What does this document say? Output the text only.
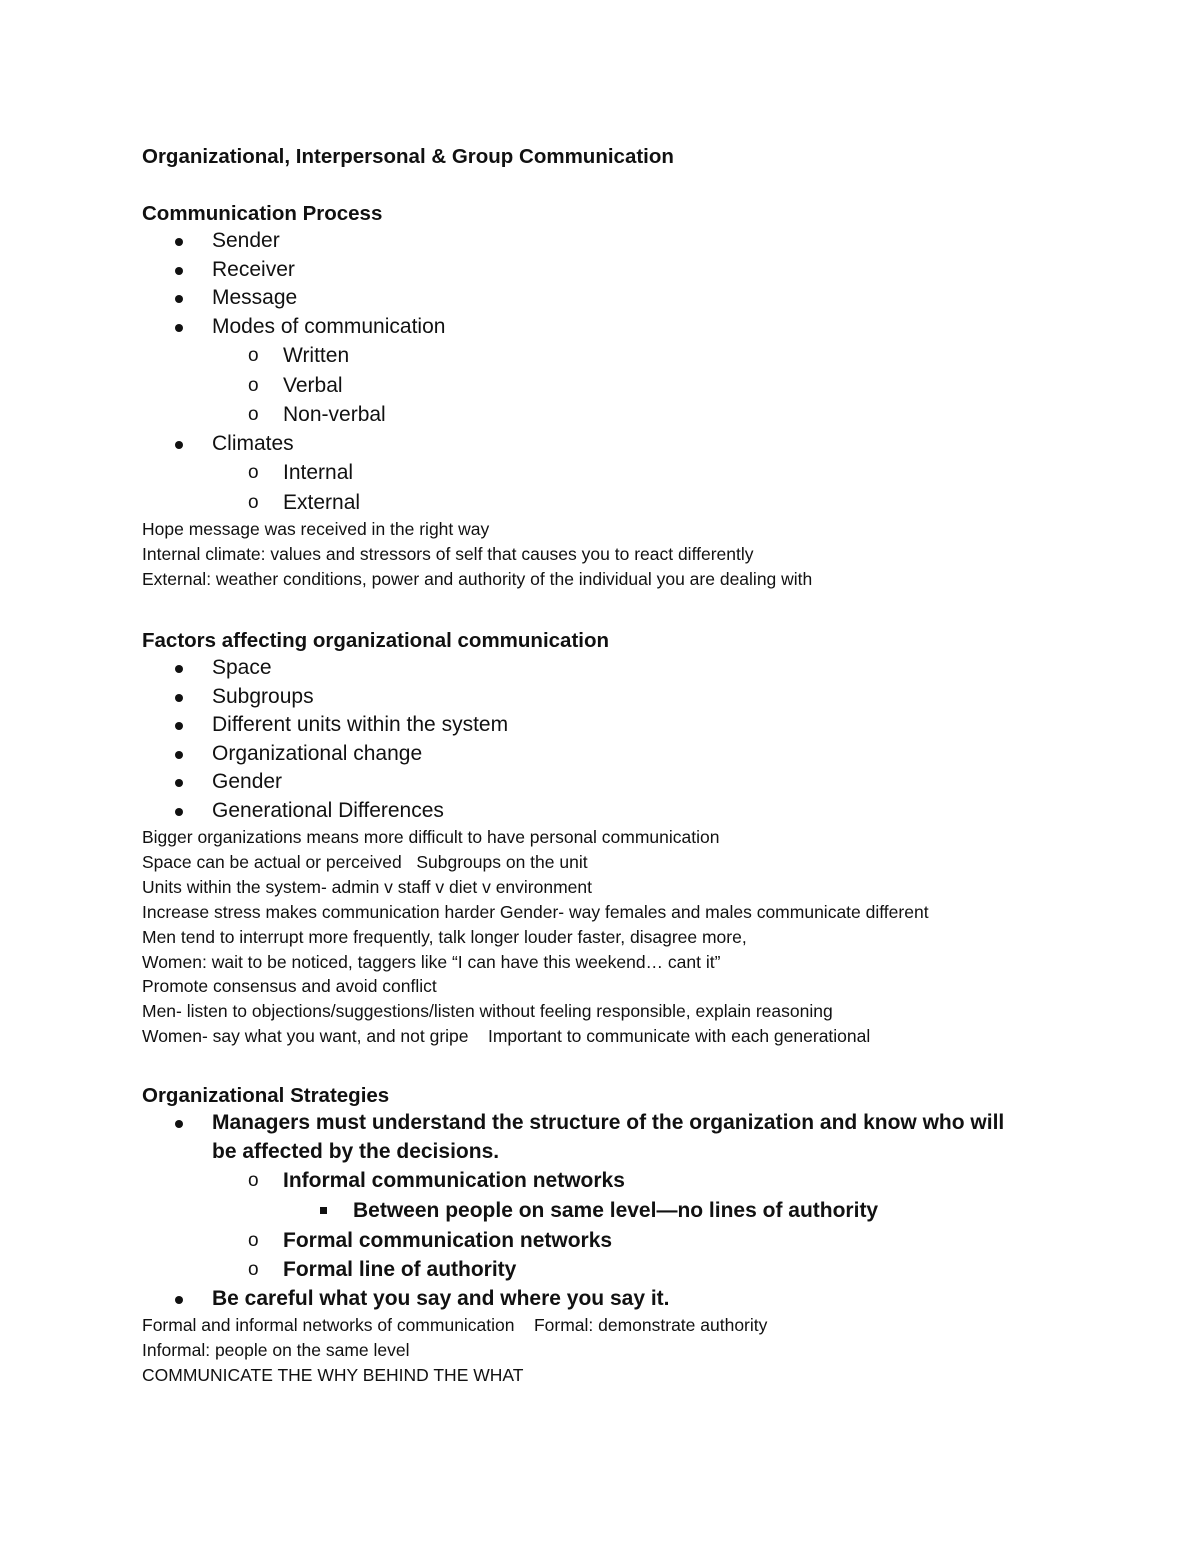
Organizational, Interpersonal & Group Communication
Communication Process
Sender
Receiver
Message
Modes of communication
o Written
o Verbal
o Non-verbal
Climates
o Internal
o External
Hope message was received in the right way
Internal climate: values and stressors of self that causes you to react differently
External: weather conditions, power and authority of the individual you are dealing with
Factors affecting organizational communication
Space
Subgroups
Different units within the system
Organizational change
Gender
Generational Differences
Bigger organizations means more difficult to have personal communication
Space can be actual or perceived   Subgroups on the unit
Units within the system- admin v staff v diet v environment
Increase stress makes communication harder Gender- way females and males communicate different
Men tend to interrupt more frequently, talk longer louder faster, disagree more,
Women: wait to be noticed, taggers like “I can have this weekend… cant it”
Promote consensus and avoid conflict
Men- listen to objections/suggestions/listen without feeling responsible, explain reasoning
Women- say what you want, and not gripe    Important to communicate with each generational
Organizational Strategies
Managers must understand the structure of the organization and know who will be affected by the decisions.
o Informal communication networks
Between people on same level—no lines of authority
o Formal communication networks
o Formal line of authority
Be careful what you say and where you say it.
Formal and informal networks of communication    Formal: demonstrate authority
Informal: people on the same level
COMMUNICATE THE WHY BEHIND THE WHAT
